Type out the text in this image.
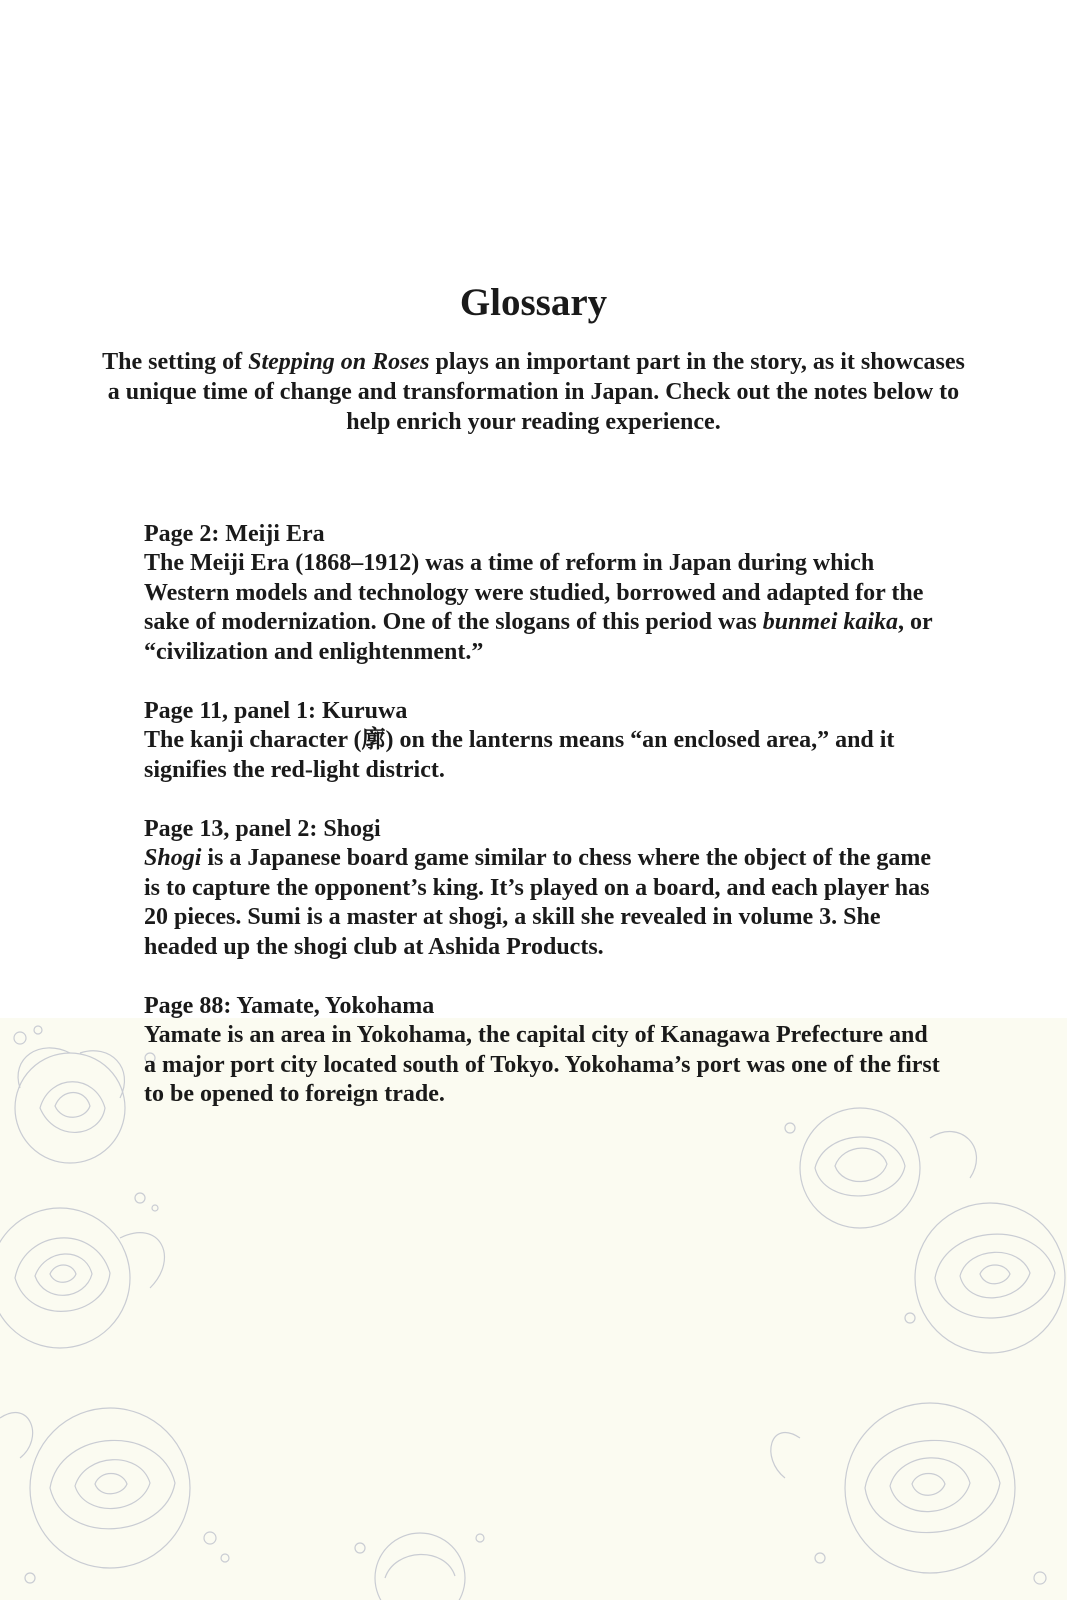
Glossary

The setting of Stepping on Roses plays an important part in the story, as it showcases a unique time of change and transformation in Japan. Check out the notes below to help enrich your reading experience.

Page 2: Meiji Era
The Meiji Era (1868–1912) was a time of reform in Japan during which Western models and technology were studied, borrowed and adapted for the sake of modernization. One of the slogans of this period was bunmei kaika, or “civilization and enlightenment.”
Page 11, panel 1: Kuruwa
The kanji character (廓) on the lanterns means “an enclosed area,” and it signifies the red-light district.
Page 13, panel 2: Shogi
Shogi is a Japanese board game similar to chess where the object of the game is to capture the opponent’s king. It’s played on a board, and each player has 20 pieces. Sumi is a master at shogi, a skill she revealed in volume 3. She headed up the shogi club at Ashida Products.
Page 88: Yamate, Yokohama
Yamate is an area in Yokohama, the capital city of Kanagawa Prefecture and a major port city located south of Tokyo. Yokohama’s port was one of the first to be opened to foreign trade.
